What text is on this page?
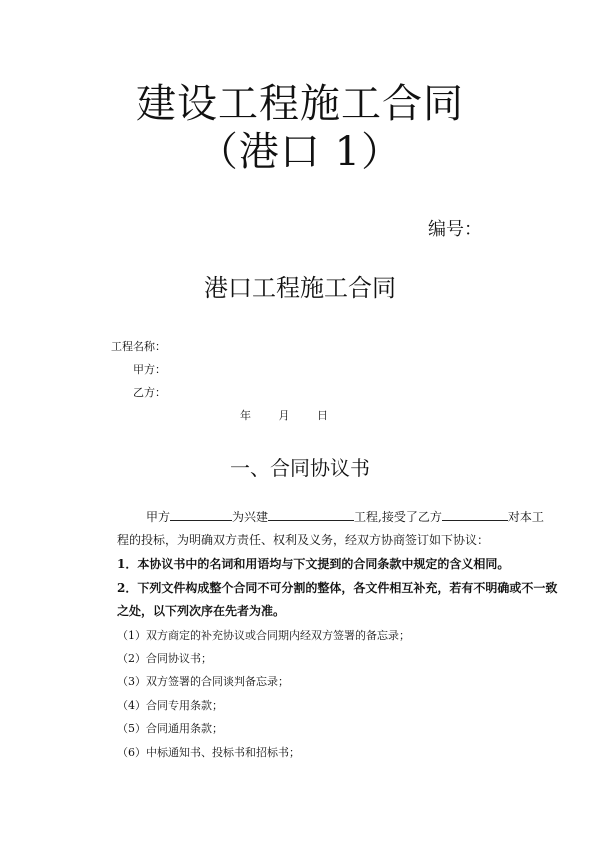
建设工程施工合同
（港口 1）
编号：
港口工程施工合同
工程名称：
甲方：
乙方：
年	月	日
一、合同协议书
甲方	为兴建	工程,接受了乙方	对本工
程的投标，为明确双方责任、权利及义务，经双方协商签订如下协议：
1．本协议书中的名词和用语均与下文提到的合同条款中规定的含义相同。
2．下列文件构成整个合同不可分割的整体，各文件相互补充，若有不明确或不一致
之处，以下列次序在先者为准。
（1）双方商定的补充协议或合同期内经双方签署的备忘录；
（2）合同协议书；
（3）双方签署的合同谈判备忘录；
（4）合同专用条款；
（5）合同通用条款；
（6）中标通知书、投标书和招标书；
